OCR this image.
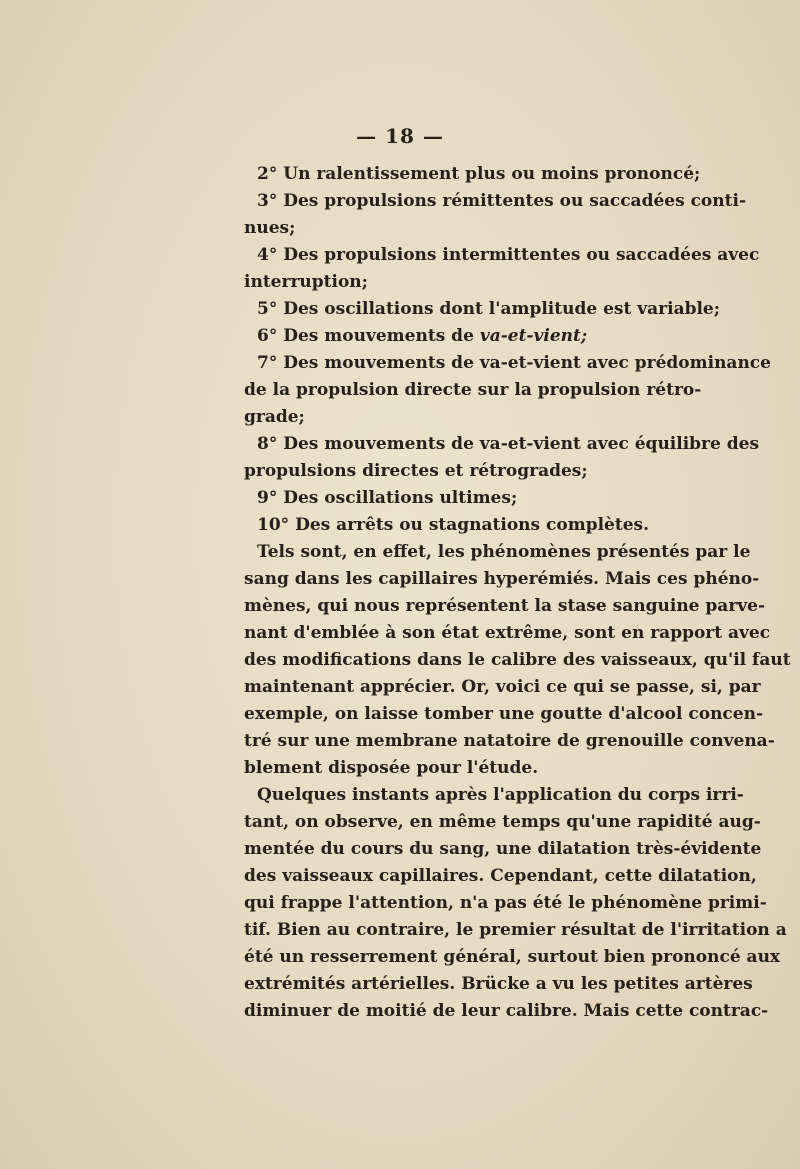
— 18 —
2° Un ralentissement plus ou moins prononcé;
3° Des propulsions rémittentes ou saccadées conti-
nues;
4° Des propulsions intermittentes ou saccadées avec
interruption;
5° Des oscillations dont l'amplitude est variable;
6° Des mouvements de va-et-vient;
7° Des mouvements de va-et-vient avec prédominance
de la propulsion directe sur la propulsion rétro-
grade;
8° Des mouvements de va-et-vient avec équilibre des
propulsions directes et rétrogrades;
9° Des oscillations ultimes;
10° Des arrêts ou stagnations complètes.
Tels sont, en effet, les phénomènes présentés par le
sang dans les capillaires hyperémiés. Mais ces phéno-
mènes, qui nous représentent la stase sanguine parve-
nant d'emblée à son état extrême, sont en rapport avec
des modifications dans le calibre des vaisseaux, qu'il faut
maintenant apprécier. Or, voici ce qui se passe, si, par
exemple, on laisse tomber une goutte d'alcool concen-
tré sur une membrane natatoire de grenouille convena-
blement disposée pour l'étude.
Quelques instants après l'application du corps irri-
tant, on observe, en même temps qu'une rapidité aug-
mentée du cours du sang, une dilatation très-évidente
des vaisseaux capillaires. Cependant, cette dilatation,
qui frappe l'attention, n'a pas été le phénomène primi-
tif. Bien au contraire, le premier résultat de l'irritation a
été un resserrement général, surtout bien prononcé aux
extrémités artérielles. Brücke a vu les petites artères
diminuer de moitié de leur calibre. Mais cette contrac-
